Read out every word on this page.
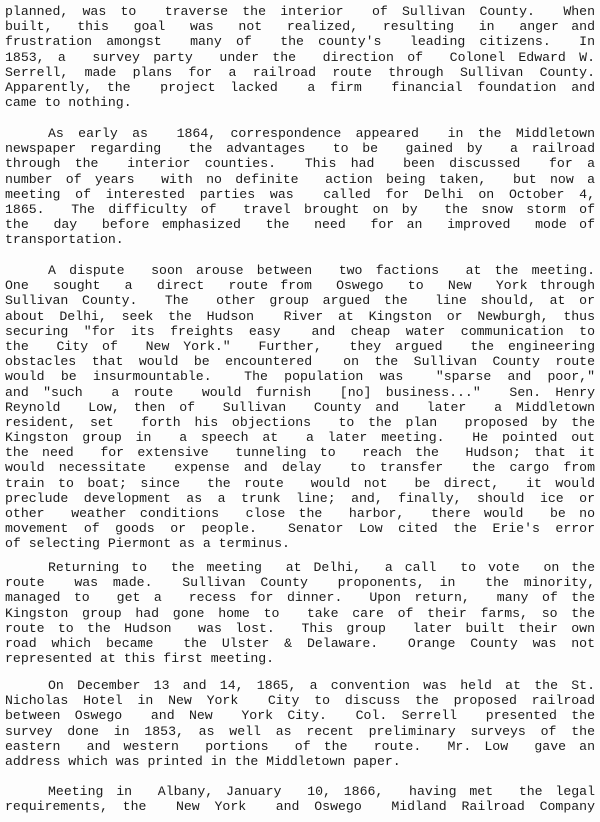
planned, was to  traverse the interior  of Sullivan County.  When
built,  this  goal  was  not  realized,  resulting  in  anger and
frustration amongst  many of  the county's  leading citizens.  In
1853, a  survey party  under the  direction of  Colonel Edward W.
Serrell, made plans for a railroad route through Sullivan County.
Apparently, the  project lacked  a firm  financial foundation and
came to nothing.
As early as  1864, correspondence appeared  in the Middletown
newspaper regarding  the advantages  to be  gained by  a railroad
through the  interior counties.  This had  been discussed  for a
number of years  with no definite  action being taken,  but now a
meeting of interested parties was  called for Delhi on October 4,
1865.  The difficulty of  travel brought on by  the snow storm of
the  day  before emphasized  the  need  for an  improved  mode of
transportation.
A dispute  soon arouse between  two factions  at the meeting.
One  sought  a  direct  route from  Oswego  to  New  York through
Sullivan County.  The  other group argued the  line should, at or
about Delhi, seek the Hudson  River at Kingston or Newburgh, thus
securing "for its freights easy  and cheap water communication to
the  City of  New York."  Further,  they argued  the engineering
obstacles that would be encountered  on the Sullivan County route
would be insurmountable.  The population was  "sparse and poor,"
and "such  a route  would furnish  [no] business..."  Sen. Henry
Reynold  Low, then of  Sullivan  County and  later  a Middletown
resident, set  forth his objections  to the plan  proposed by the
Kingston group in  a speech at  a later meeting.  He pointed out
the need  for extensive  tunneling to  reach the  Hudson; that it
would necessitate  expense and delay  to transfer  the cargo from
train to boat; since  the route  would not  be direct,  it would
preclude development as a trunk line; and, finally, should ice or
other  weather conditions  close the  harbor,  there would  be no
movement of goods or people.  Senator Low cited the Erie's error
of selecting Piermont as a terminus.
Returning to  the meeting  at Delhi,  a call  to vote  on the
route  was made.  Sullivan County  proponents, in  the minority,
managed to  get a  recess for dinner.  Upon return,  many of the
Kingston group had gone home to  take care of their farms, so the
route to the Hudson  was lost.  This group  later built their own
road which became  the Ulster & Delaware.  Orange County was not
represented at this first meeting.
On December 13 and 14, 1865, a convention was held at the St.
Nicholas Hotel in New York  City to discuss the proposed railroad
between Oswego  and New  York City.  Col. Serrell  presented the
survey done in 1853, as well as recent preliminary surveys of the
eastern  and western  portions  of the  route.  Mr. Low  gave an
address which was printed in the Middletown paper.
Meeting in  Albany, January  10, 1866,  having met  the legal
requirements, the  New York  and Oswego  Midland Railroad Company
